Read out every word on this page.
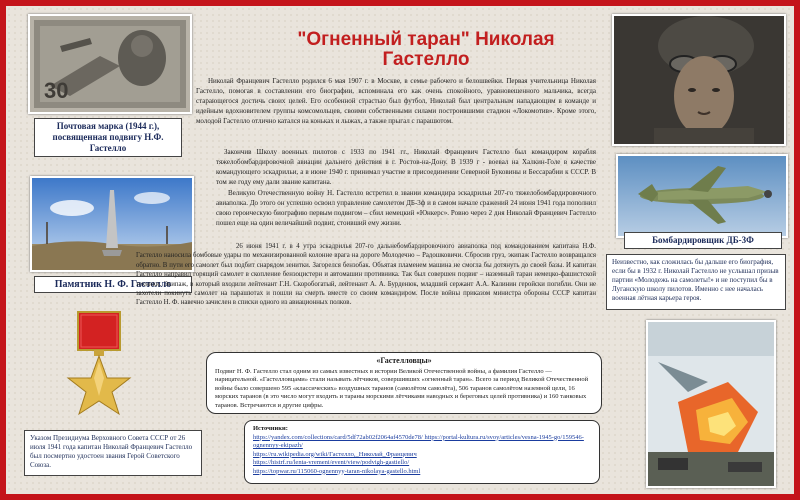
"Огненный таран" Николая Гастелло
30
Почтовая марка (1944 г.), посвященная подвигу Н.Ф. Гастелло
Памятник Н. Ф. Гастелло
Указом Президиума Верховного Совета СССР от 26 июля 1941 года капитан Николай Францевич Гастелло был посмертно удостоен звания Герой Советского Союза.

Николай Францевич Гастелло родился 6 мая 1907 г. в Москве, в семье рабочего и белошвейки. Первая учительница Николая Гастелло, помогая в составлении его биографии, вспоминала его как очень спокойного, уравновешенного мальчика, всегда старающегося достичь своих целей. Его особенной страстью был футбол, Николай был центральным нападающим в команде и идейным вдохновителем группы комсомольцев, своими собственными силами построившими стадион «Локомотив». Кроме этого, молодой Гастелло отлично катался на коньках и лыжах, а также прыгал с парашютом.

Закончив Школу военных пилотов с 1933 по 1941 гг., Николай Францевич Гастелло был командиром корабля тяжелобомбардировочной авиации дальнего действия в г. Ростов-на-Дону. В 1939 г - воевал на Халкин-Голе в качестве командующего эскадрильи, а в июне 1940 г. принимал участие в присоединении Северной Буковины и Бессарабии к СССР. В том же году ему дали звание капитана.

Великую Отечественную войну Н. Гастелло встретил в звании командира эскадрильи 207-го тяжелобомбардировочного авиаполка. До этого он успешно освоил управление самолетом ДБ-3ф и в самом начале сражений 24 июня 1941 года пополнил свою героическую биографию первым подвигом – сбил немецкий «Юнкерс». Ровно через 2 дня Николай Францевич Гастелло пошел еще на один величайший подвиг, стоивший ему жизни.

26 июня 1941 г. в 4 утра эскадрилья 207-го дальнебомбардировочного авиаполка под командованием капитана Н.Ф. Гастелло наносила бомбовые удары по механизированной колонне врага на дороге Молодечно – Радошковичи. Сбросив груз, экипаж Гастелло возвращался обратно. В пути его самолет был подбит снарядом зенитки. Загорелся бензобак. Объятая пламенем машина не смогла бы дотянуть до своей базы. И капитан Гастелло направил горящий самолет в скопление бензоцистерн и автомашин противника. Так был совершен подвиг – наземный таран немецко-фашистской техники. Экипаж, в который входили лейтенант Г.Н. Скоробогатый, лейтенант А. А. Бурденюк, младший сержант А.А. Калинин геройски погибли. Они не захотели покинуть самолет на парашютах и пошли на смерть вместе со своим командиром. После войны приказом министра обороны СССР капитан Гастелло Н. Ф. навечно зачислен в списки одного из авиационных полков.

«Гастелловцы»
Подвиг Н. Ф. Гастелло стал одним из самых известных в истории Великой Отечественной войны, а фамилия Гастелло — нарицательной. «Гастелловцами» стали называть лётчиков, совершивших «огненный таран». Всего за период Великой Отечественной войны было совершено 595 «классических» воздушных таранов (самолётом самолёта), 506 таранов самолётом наземной цели, 16 морских таранов (в это число могут входить и тараны морскими лётчиками наводных и береговых целей противника) и 160 танковых таранов. Встречаются и другие цифры.
Источники:
https://yandex.com/collections/card/5df72ab02f2064af4570de78/ https://portal-kultura.ru/svoy/articles/vesna-1945-go/159546-ognennyy-ekipazh/
https://ru.wikipedia.org/wiki/Гастелло,_Николай_Францевич
https://histrf.ru/lenta-vremeni/event/view/podvigh-gastiello/
https://topwar.ru/115060-ognennyy-taran-nikolaya-gastello.html
Бомбардировщик ДБ-3Ф
Неизвестно, как сложилась бы дальше его биография, если бы в 1932 г. Николай Гастелло не услышал призыв партии «Молодежь на самолеты!» и не поступил бы в Луганскую школу пилотов. Именно с нее началась военная лётная карьера героя.
